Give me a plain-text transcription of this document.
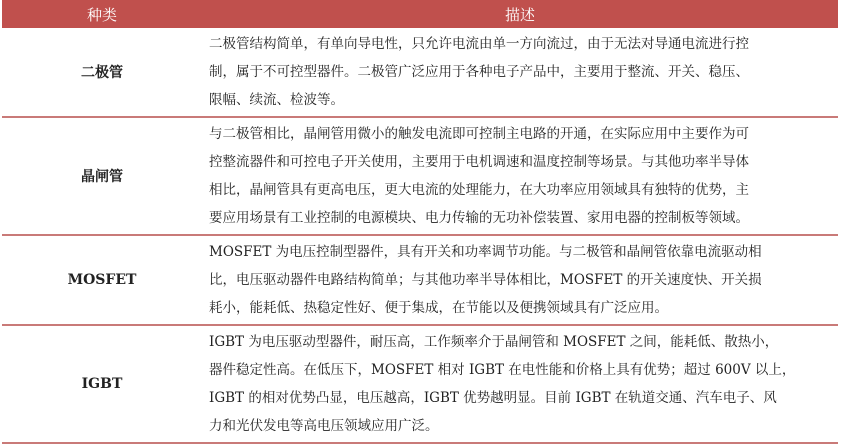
种类	描述
二极管	二极管结构简单，有单向导电性，只允许电流由单一方向流过，由于无法对导通电流进行控
制，属于不可控型器件。二极管广泛应用于各种电子产品中，主要用于整流、开关、稳压、
限幅、续流、检波等。

晶闸管	与二极管相比，晶闸管用微小的触发电流即可控制主电路的开通，在实际应用中主要作为可
控整流器件和可控电子开关使用，主要用于电机调速和温度控制等场景。与其他功率半导体
相比，晶闸管具有更高电压，更大电流的处理能力，在大功率应用领域具有独特的优势，主
要应用场景有工业控制的电源模块、电力传输的无功补偿装置、家用电器的控制板等领域。

MOSFET	MOSFET 为电压控制型器件，具有开关和功率调节功能。与二极管和晶闸管依靠电流驱动相
比，电压驱动器件电路结构简单；与其他功率半导体相比，MOSFET 的开关速度快、开关损
耗小，能耗低、热稳定性好、便于集成，在节能以及便携领域具有广泛应用。

IGBT	IGBT 为电压驱动型器件，耐压高，工作频率介于晶闸管和 MOSFET 之间，能耗低、散热小，
器件稳定性高。在低压下，MOSFET 相对 IGBT 在电性能和价格上具有优势；超过 600V 以上，
IGBT 的相对优势凸显，电压越高，IGBT 优势越明显。目前 IGBT 在轨道交通、汽车电子、风
力和光伏发电等高电压领域应用广泛。
